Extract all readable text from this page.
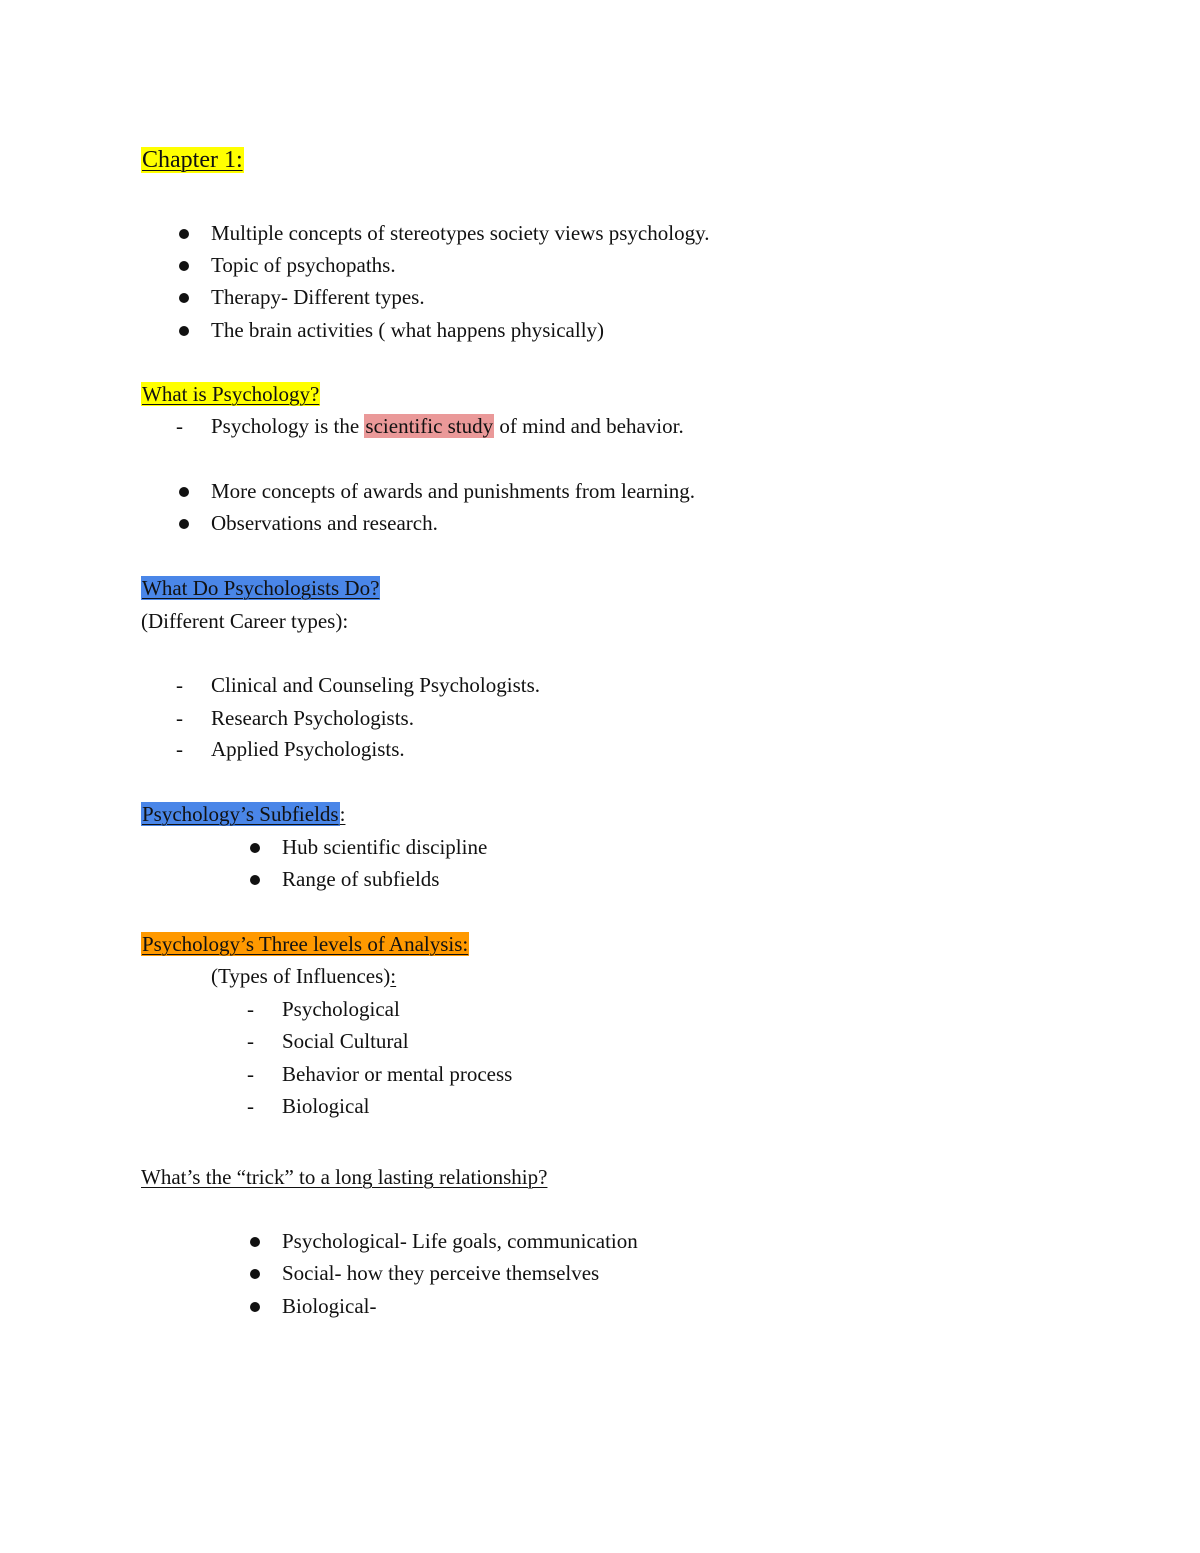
Chapter 1:
Multiple concepts of stereotypes society views psychology.
Topic of psychopaths.
Therapy- Different types.
The brain activities ( what happens physically)
What is Psychology?
- Psychology is the scientific study of mind and behavior.
More concepts of awards and punishments from learning.
Observations and research.
What Do Psychologists Do?
(Different Career types):
- Clinical and Counseling Psychologists.
- Research Psychologists.
- Applied Psychologists.
Psychology’s Subfields:
Hub scientific discipline
Range of subfields
Psychology’s Three levels of Analysis:
(Types of Influences):
- Psychological
- Social Cultural
- Behavior or mental process
- Biological
What’s the “trick” to a long lasting relationship?
Psychological- Life goals, communication
Social- how they perceive themselves
Biological-
